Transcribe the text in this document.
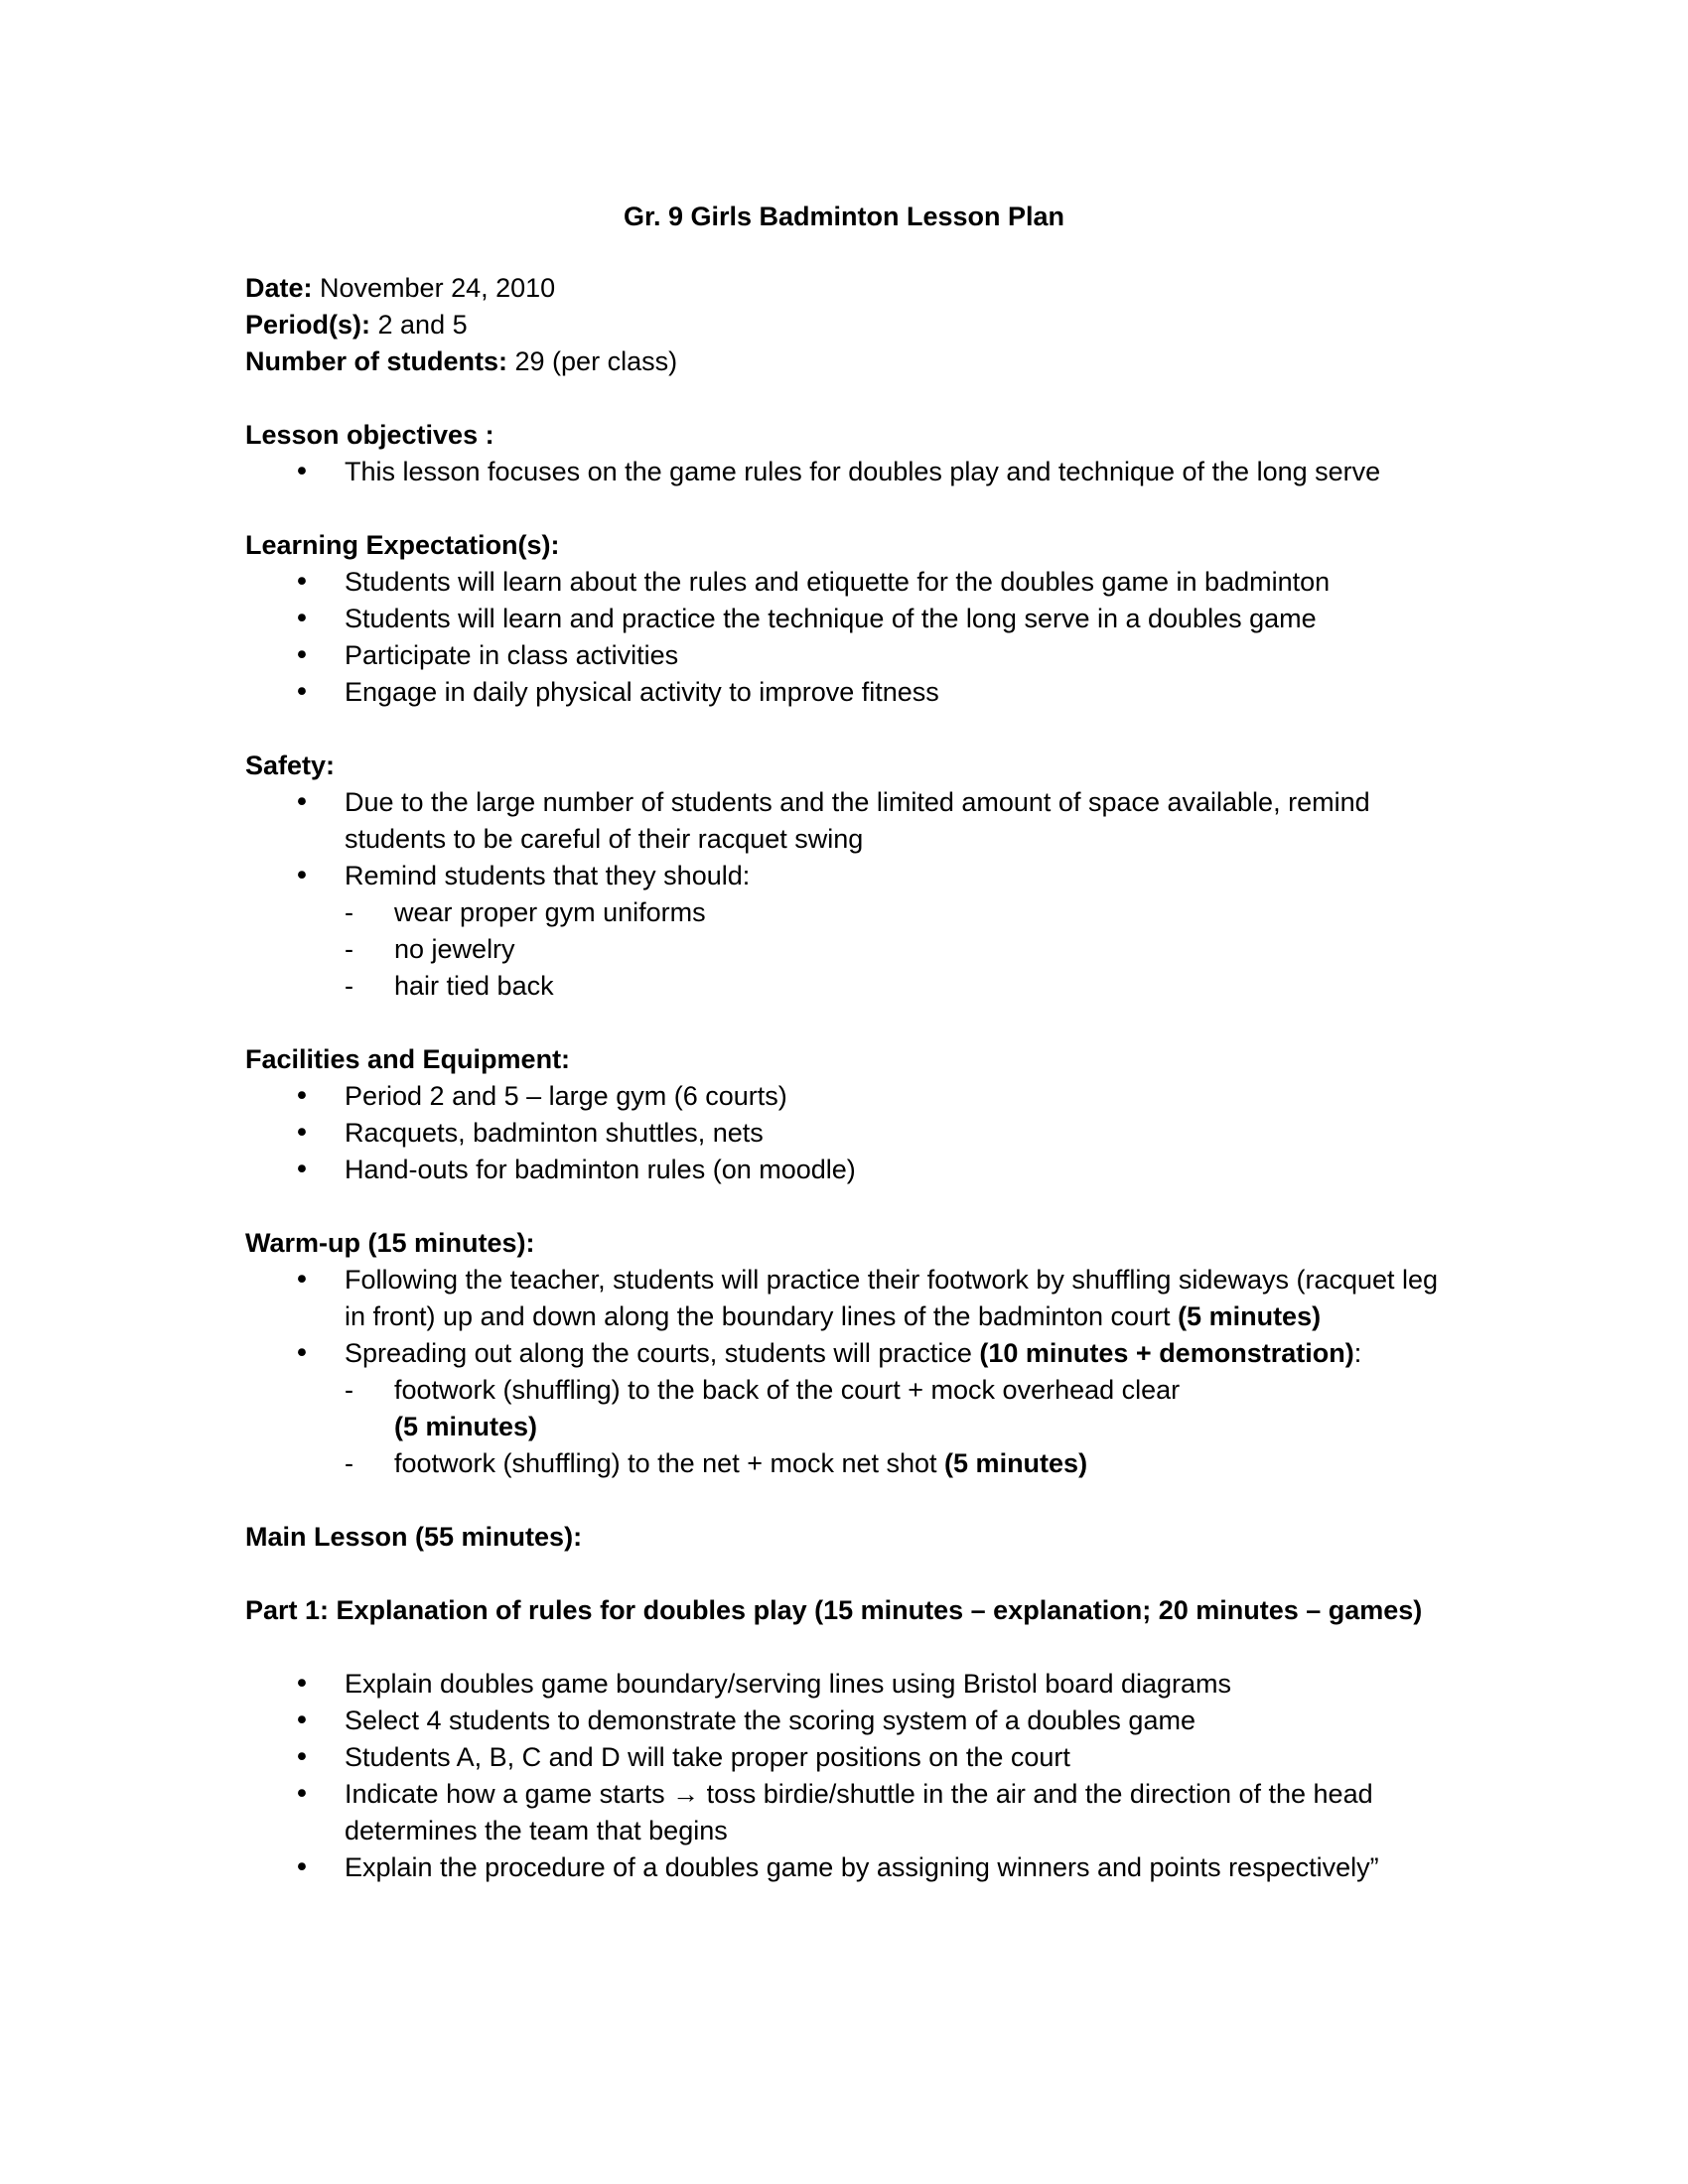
Gr. 9 Girls Badminton Lesson Plan

Date: November 24, 2010

Period(s): 2 and 5

Number of students: 29 (per class)

Lesson objectives :

• This lesson focuses on the game rules for doubles play and technique of the long serve

Learning Expectation(s):

• Students will learn about the rules and etiquette for the doubles game in badminton
• Students will learn and practice the technique of the long serve in a doubles game
• Participate in class activities
• Engage in daily physical activity to improve fitness

Safety:

• Due to the large number of students and the limited amount of space available, remind students to be careful of their racquet swing
• Remind students that they should:
- wear proper gym uniforms
- no jewelry
- hair tied back

Facilities and Equipment:

• Period 2 and 5 – large gym (6 courts)
• Racquets, badminton shuttles, nets
• Hand-outs for badminton rules (on moodle)

Warm-up (15 minutes):

• Following the teacher, students will practice their footwork by shuffling sideways (racquet leg in front) up and down along the boundary lines of the badminton court (5 minutes)
• Spreading out along the courts, students will practice (10 minutes + demonstration):
- footwork (shuffling) to the back of the court + mock overhead clear
(5 minutes)
- footwork (shuffling) to the net + mock net shot (5 minutes)

Main Lesson (55 minutes):

Part 1: Explanation of rules for doubles play (15 minutes – explanation; 20 minutes – games)

• Explain doubles game boundary/serving lines using Bristol board diagrams
• Select 4 students to demonstrate the scoring system of a doubles game
• Students A, B, C and D will take proper positions on the court
• Indicate how a game starts → toss birdie/shuttle in the air and the direction of the head determines the team that begins
• Explain the procedure of a doubles game by assigning winners and points respectively”
